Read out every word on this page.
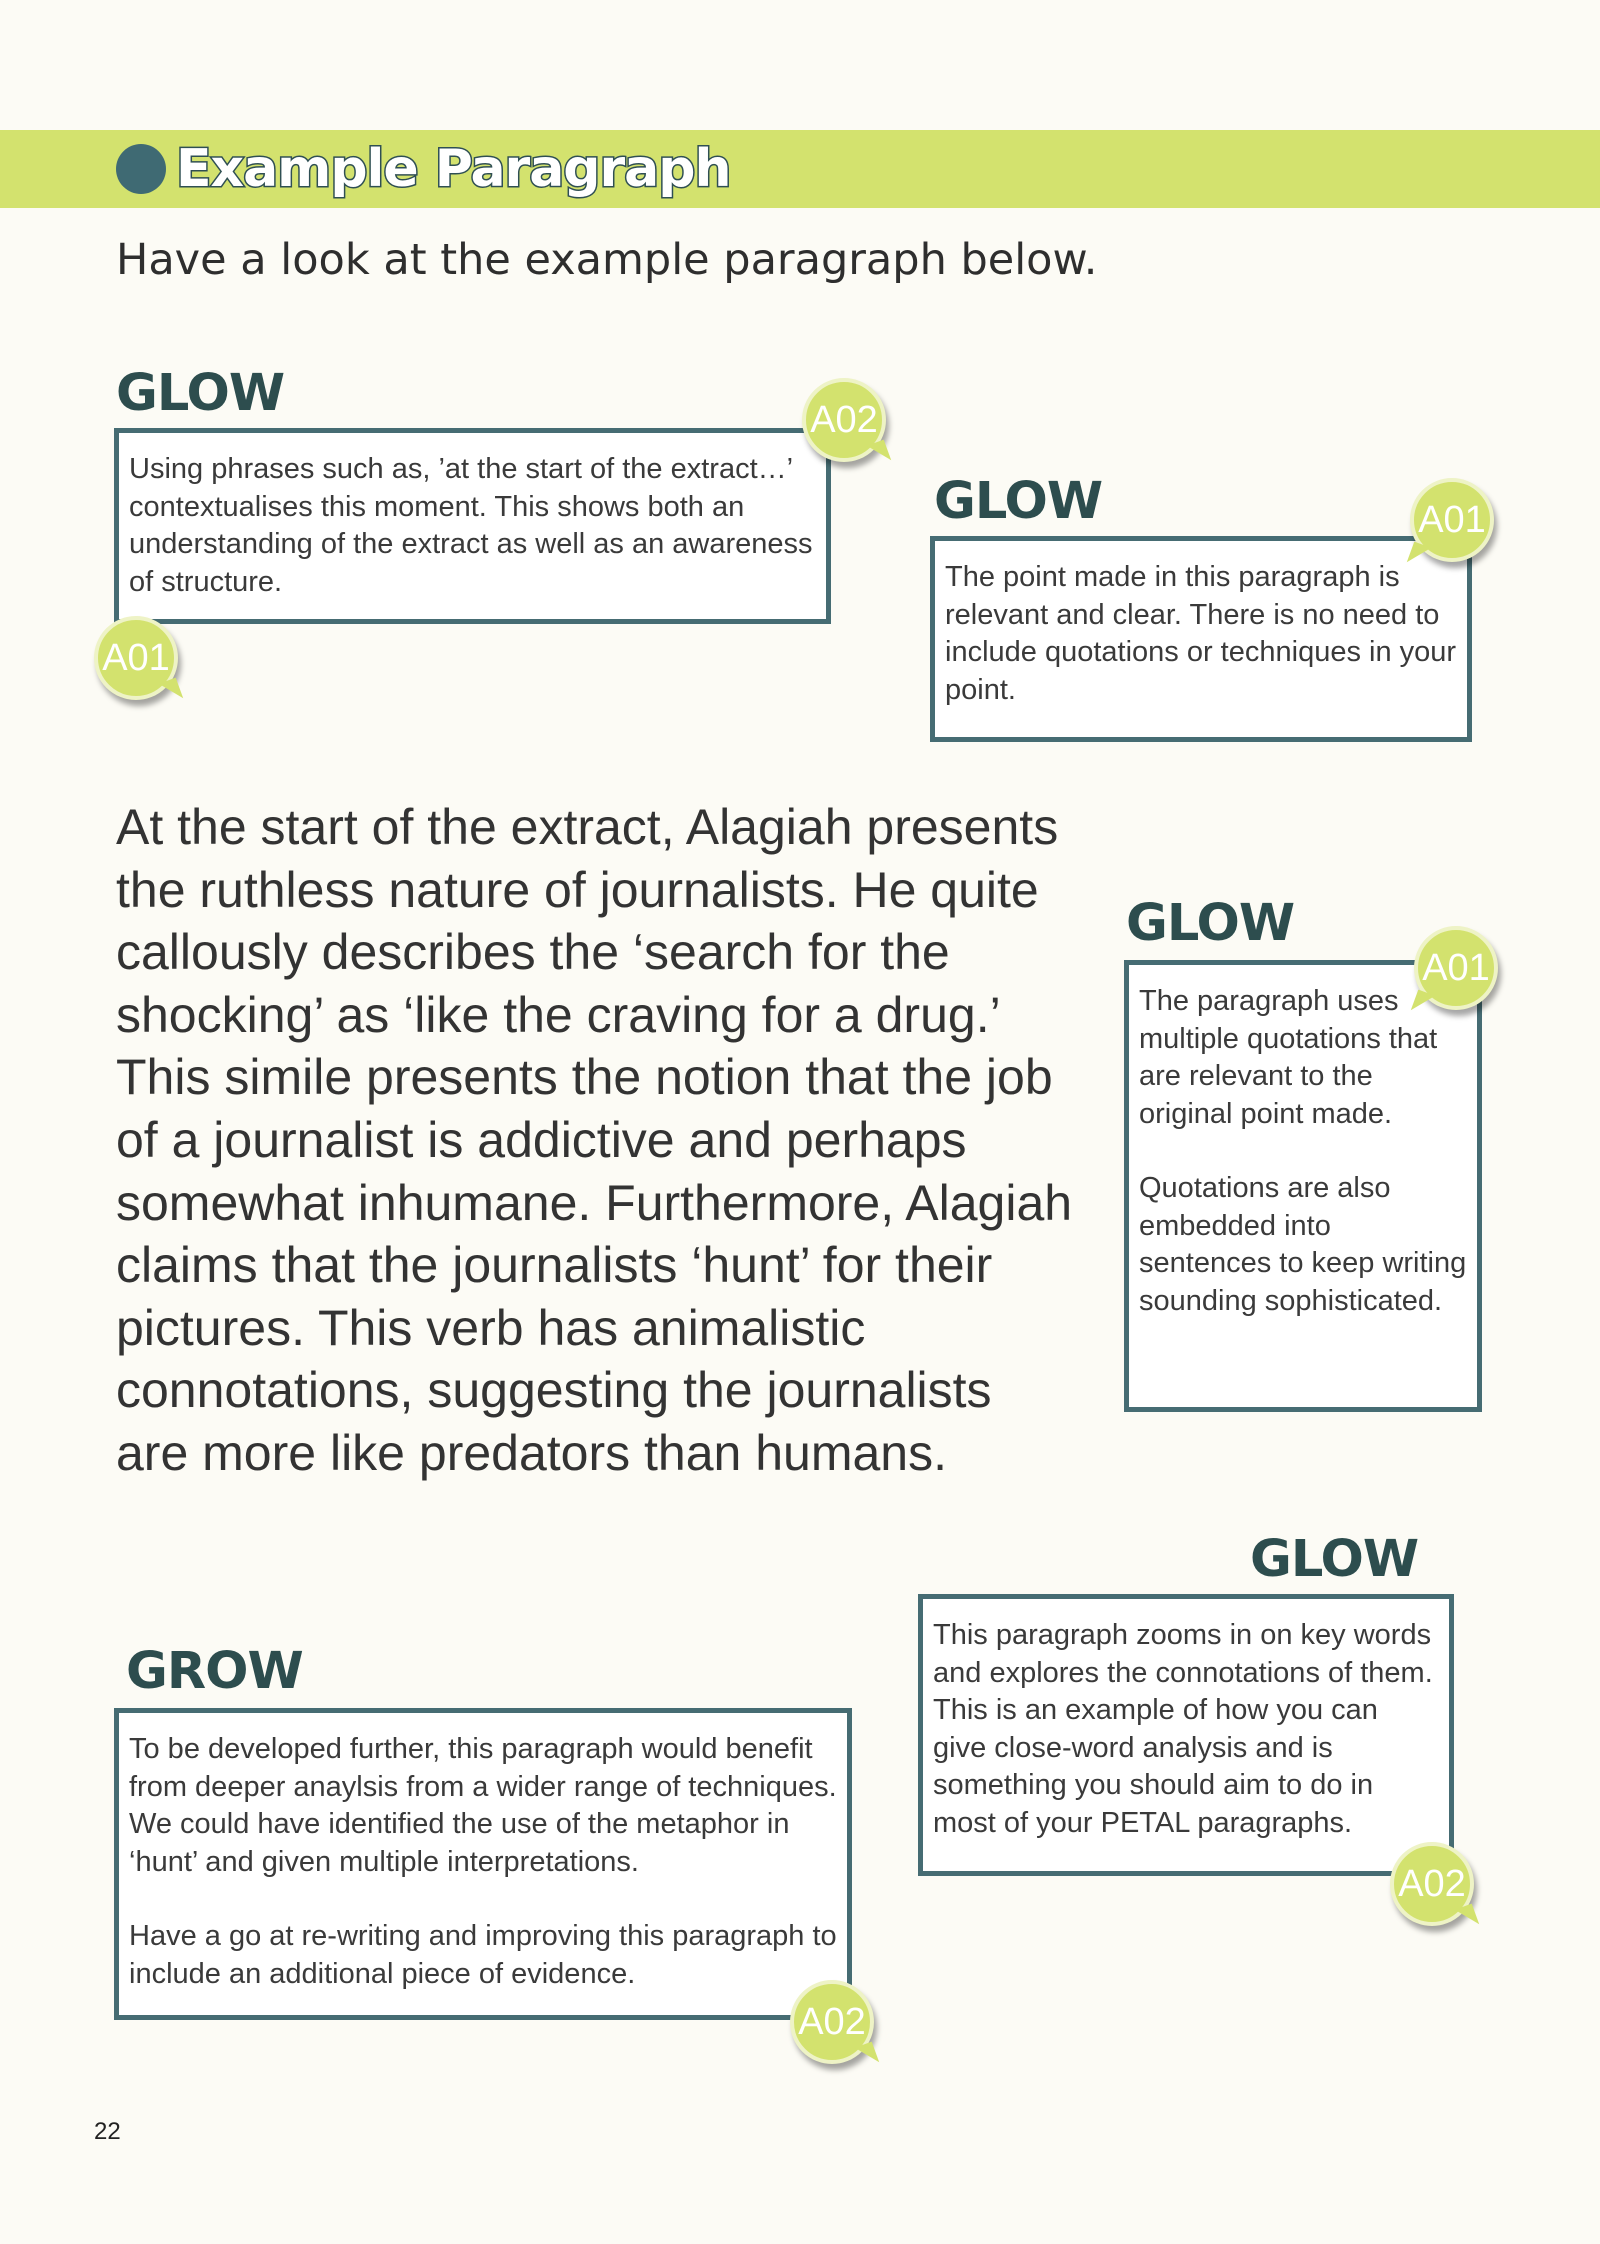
Example Paragraph
Have a look at the example paragraph below.
GLOW

Using phrases such as, ’at the start of the extract…’ contextualises this moment. This shows both an understanding of the extract as well as an awareness of structure.

A02
A01
GLOW

The point made in this paragraph is relevant and clear. There is no need to include quotations or techniques in your point.

A01

At the start of the extract, Alagiah presents the ruthless nature of journalists. He quite callously describes the ‘search for the shocking’ as ‘like the craving for a drug.’ This simile presents the notion that the job of a journalist is addictive and perhaps somewhat inhumane. Furthermore, Alagiah claims that the journalists ‘hunt’ for their pictures. This verb has animalistic connotations, suggesting the journalists are more like predators than humans.

GLOW

The paragraph uses multiple quotations that are relevant to the original point made.

Quotations are also embedded into sentences to keep writing sounding sophisticated.

A01
GLOW

This paragraph zooms in on key words and explores the connotations of them. This is an example of how you can give close-word analysis and is something you should aim to do in most of your PETAL paragraphs.

A02
GROW

To be developed further, this paragraph would benefit from deeper anaylsis from a wider range of techniques. We could have identified the use of the metaphor in ‘hunt’ and given multiple interpretations.

Have a go at re-writing and improving this paragraph to include an additional piece of evidence.

A02
22
